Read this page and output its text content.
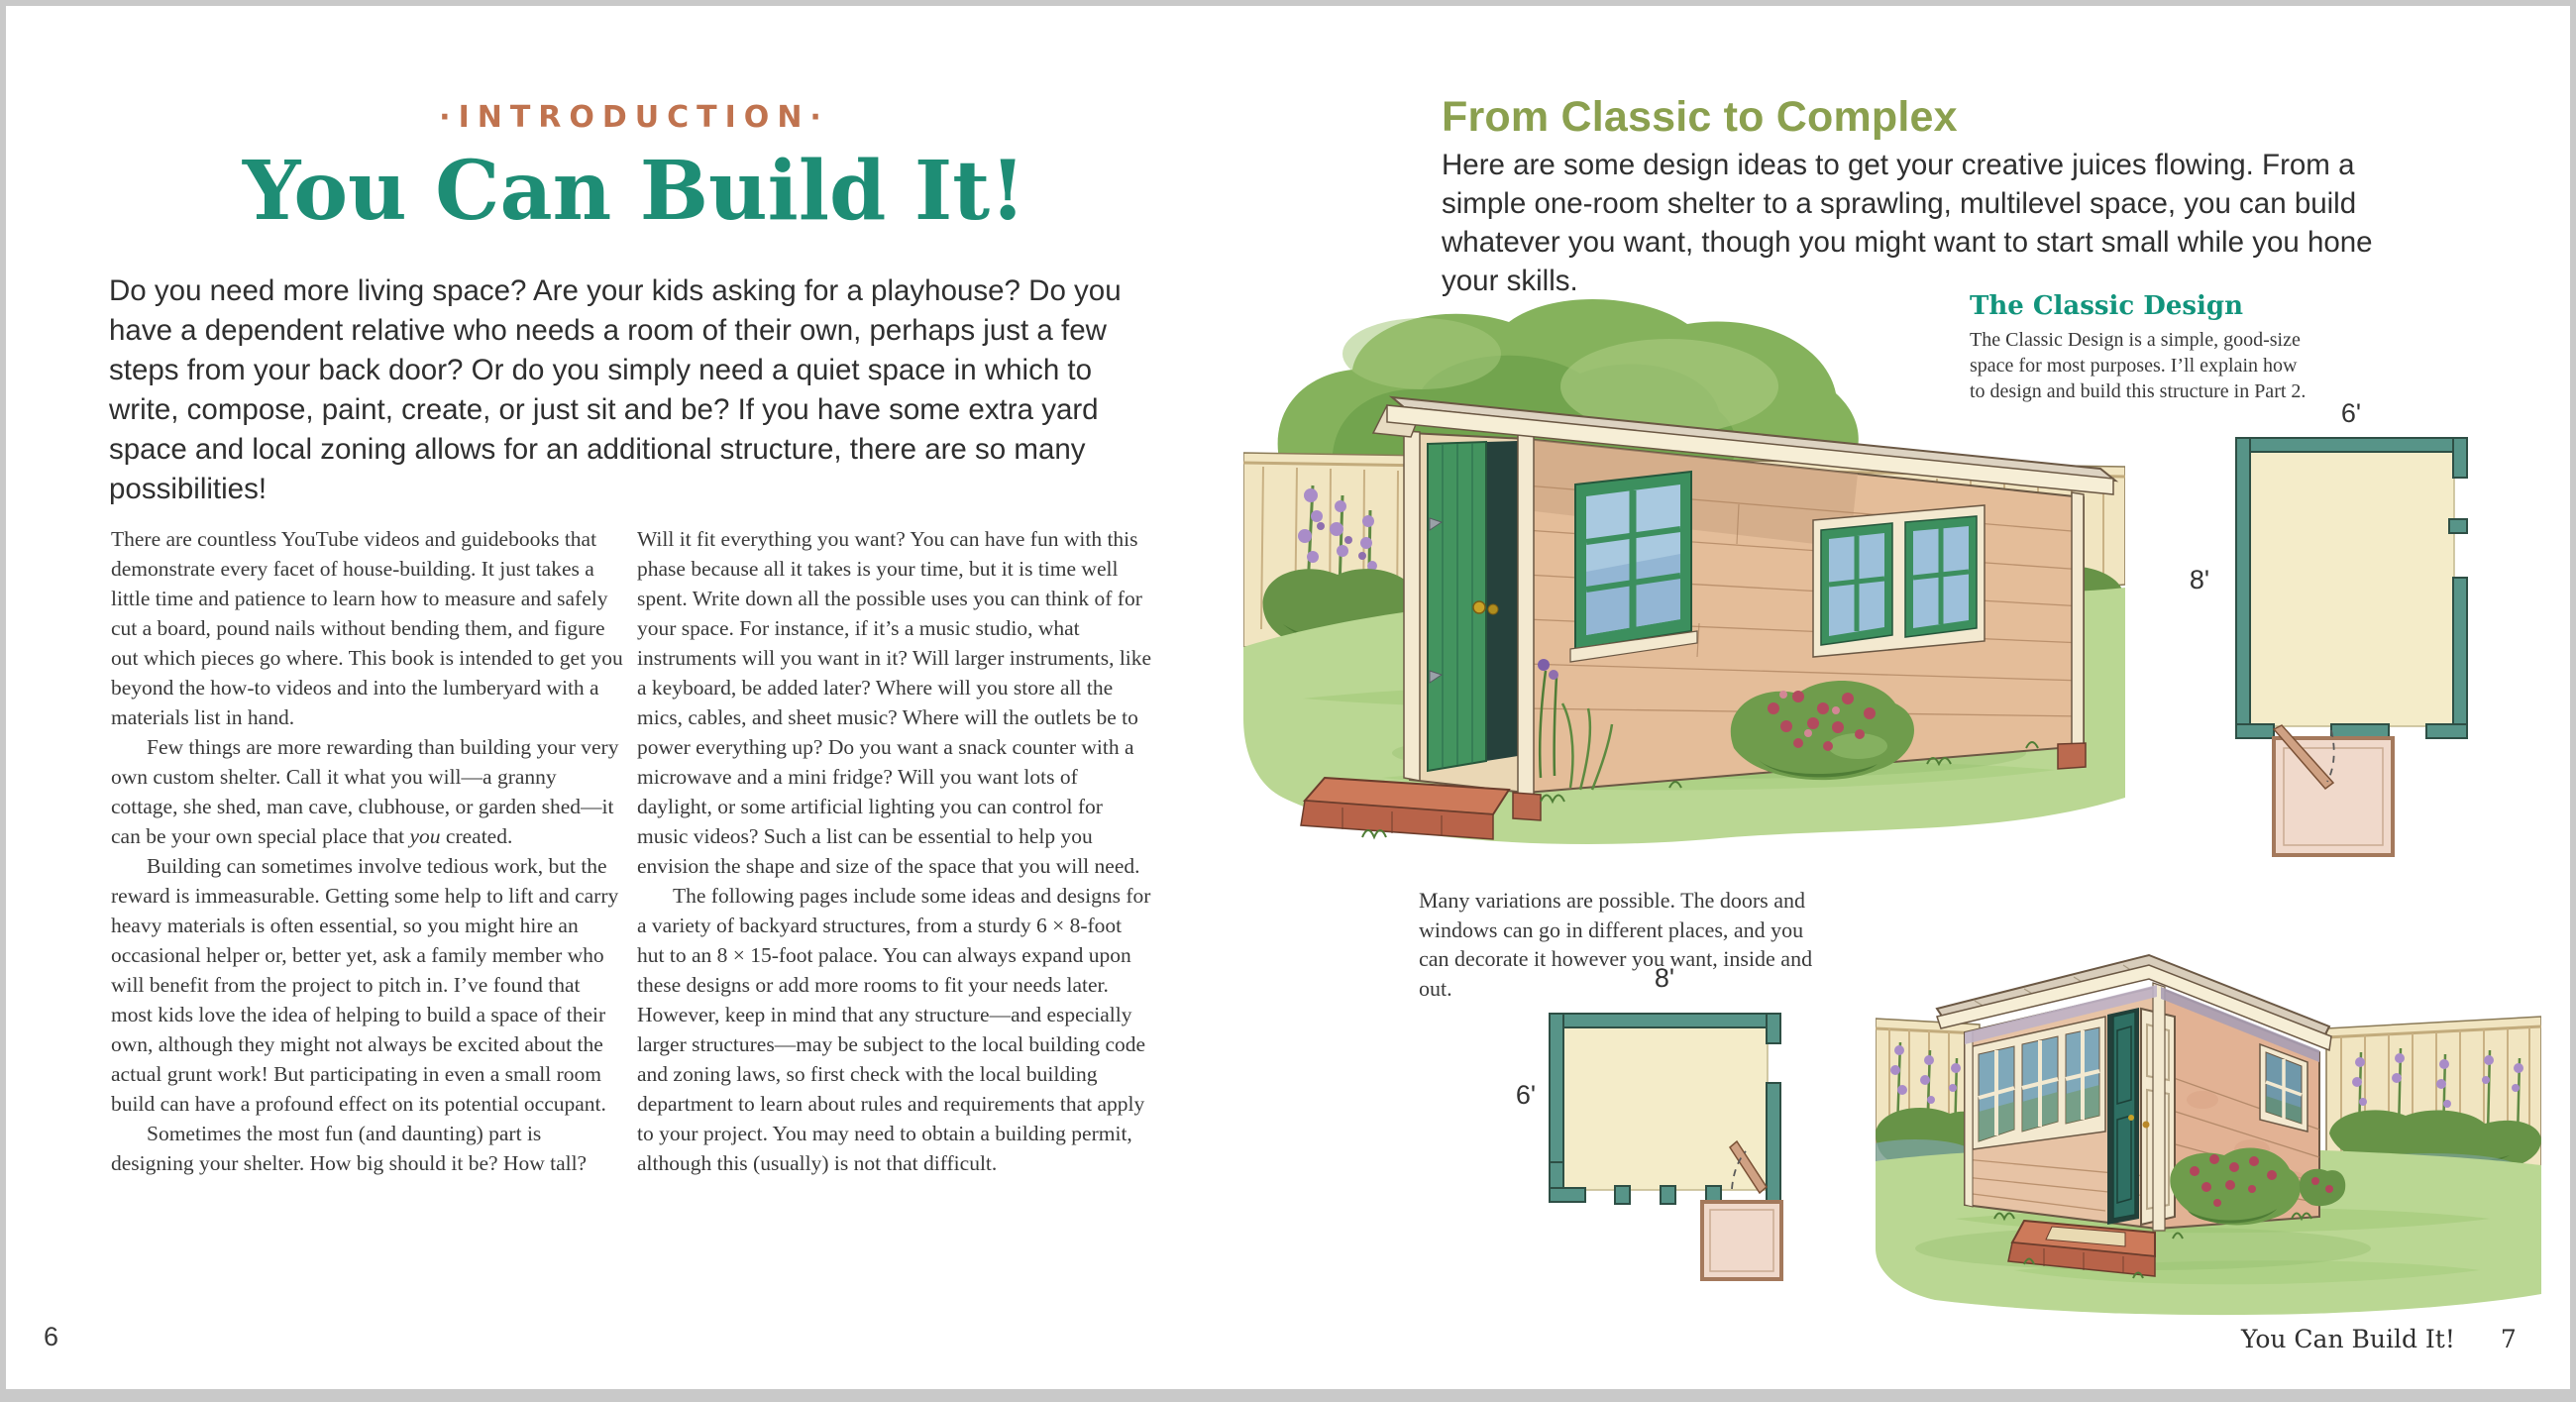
·INTRODUCTION·
You Can Build It!

Do you need more living space? Are your kids asking for a playhouse? Do you have a dependent relative who needs a room of their own, perhaps just a few steps from your back door? Or do you simply need a quiet space in which to write, compose, paint, create, or just sit and be? If you have some extra yard space and local zoning allows for an additional structure, there are so many possibilities!

There are countless YouTube videos and guidebooks that demonstrate every facet of house-building. It just takes a little time and patience to learn how to measure and safely cut a board, pound nails without bending them, and figure out which pieces go where. This book is intended to get you beyond the how-to videos and into the lumberyard with a materials list in hand.

Few things are more rewarding than building your very own custom shelter. Call it what you will—a granny cottage, she shed, man cave, clubhouse, or garden shed—it can be your own special place that you created.

Building can sometimes involve tedious work, but the reward is immeasurable. Getting some help to lift and carry heavy materials is often essential, so you might hire an occasional helper or, better yet, ask a family member who will benefit from the project to pitch in. I’ve found that most kids love the idea of helping to build a space of their own, although they might not always be excited about the actual grunt work! But participating in even a small room build can have a profound effect on its potential occupant.

Sometimes the most fun (and daunting) part is designing your shelter. How big should it be? How tall?

Will it fit everything you want? You can have fun with this phase because all it takes is your time, but it is time well spent. Write down all the possible uses you can think of for your space. For instance, if it’s a music studio, what instruments will you want in it? Will larger instruments, like a keyboard, be added later? Where will you store all the mics, cables, and sheet music? Where will the outlets be to power everything up? Do you want a snack counter with a microwave and a mini fridge? Will you want lots of daylight, or some artificial lighting you can control for music videos? Such a list can be essential to help you envision the shape and size of the space that you will need.

The following pages include some ideas and designs for a variety of backyard structures, from a sturdy 6 × 8-foot hut to an 8 × 15-foot palace. You can always expand upon these designs or add more rooms to fit your needs later. However, keep in mind that any structure—and especially larger structures—may be subject to the local building code and zoning laws, so first check with the local building department to learn about rules and requirements that apply to your project. You may need to obtain a building permit, although this (usually) is not that difficult.

6
From Classic to Complex

Here are some design ideas to get your creative juices flowing. From a simple one-room shelter to a sprawling, multilevel space, you can build whatever you want, though you might want to start small while you hone your skills.

The Classic Design

The Classic Design is a simple, good-size space for most purposes. I’ll explain how to design and build this structure in Part 2.

6'
8'

Many variations are possible. The doors and windows can go in different places, and you can decorate it however you want, inside and out.	8'
6'
You Can Build It! 7
